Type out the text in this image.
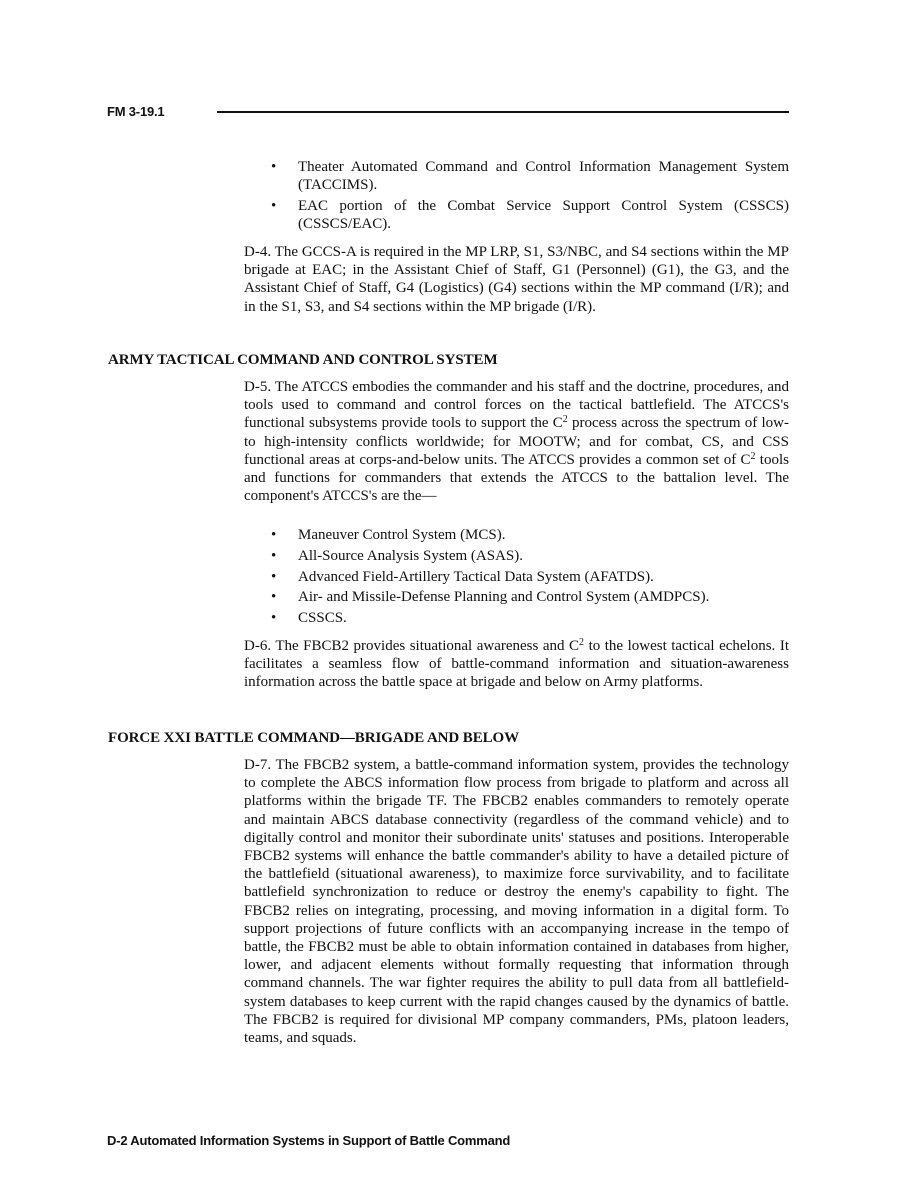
FM 3-19.1
• Theater Automated Command and Control Information Management System (TACCIMS).
• EAC portion of the Combat Service Support Control System (CSSCS) (CSSCS/EAC).

D-4. The GCCS-A is required in the MP LRP, S1, S3/NBC, and S4 sections within the MP brigade at EAC; in the Assistant Chief of Staff, G1 (Personnel) (G1), the G3, and the Assistant Chief of Staff, G4 (Logistics) (G4) sections within the MP command (I/R); and in the S1, S3, and S4 sections within the MP brigade (I/R).

ARMY TACTICAL COMMAND AND CONTROL SYSTEM

D-5. The ATCCS embodies the commander and his staff and the doctrine, procedures, and tools used to command and control forces on the tactical battlefield. The ATCCS's functional subsystems provide tools to support the $C^2$ process across the spectrum of low- to high-intensity conflicts worldwide; for MOOTW; and for combat, CS, and CSS functional areas at corps-and-below units. The ATCCS provides a common set of $C^2$ tools and functions for commanders that extends the ATCCS to the battalion level. The component's ATCCS's are the—

• Maneuver Control System (MCS).
• All-Source Analysis System (ASAS).
• Advanced Field-Artillery Tactical Data System (AFATDS).
• Air- and Missile-Defense Planning and Control System (AMDPCS).
• CSSCS.

D-6. The FBCB2 provides situational awareness and $C^2$ to the lowest tactical echelons. It facilitates a seamless flow of battle-command information and situation-awareness information across the battle space at brigade and below on Army platforms.

FORCE XXI BATTLE COMMAND—BRIGADE AND BELOW

D-7. The FBCB2 system, a battle-command information system, provides the technology to complete the ABCS information flow process from brigade to platform and across all platforms within the brigade TF. The FBCB2 enables commanders to remotely operate and maintain ABCS database connectivity (regardless of the command vehicle) and to digitally control and monitor their subordinate units' statuses and positions. Interoperable FBCB2 systems will enhance the battle commander's ability to have a detailed picture of the battlefield (situational awareness), to maximize force survivability, and to facilitate battlefield synchronization to reduce or destroy the enemy's capability to fight. The FBCB2 relies on integrating, processing, and moving information in a digital form. To support projections of future conflicts with an accompanying increase in the tempo of battle, the FBCB2 must be able to obtain information contained in databases from higher, lower, and adjacent elements without formally requesting that information through command channels. The war fighter requires the ability to pull data from all battlefield-system databases to keep current with the rapid changes caused by the dynamics of battle. The FBCB2 is required for divisional MP company commanders, PMs, platoon leaders, teams, and squads.

D-2 Automated Information Systems in Support of Battle Command
